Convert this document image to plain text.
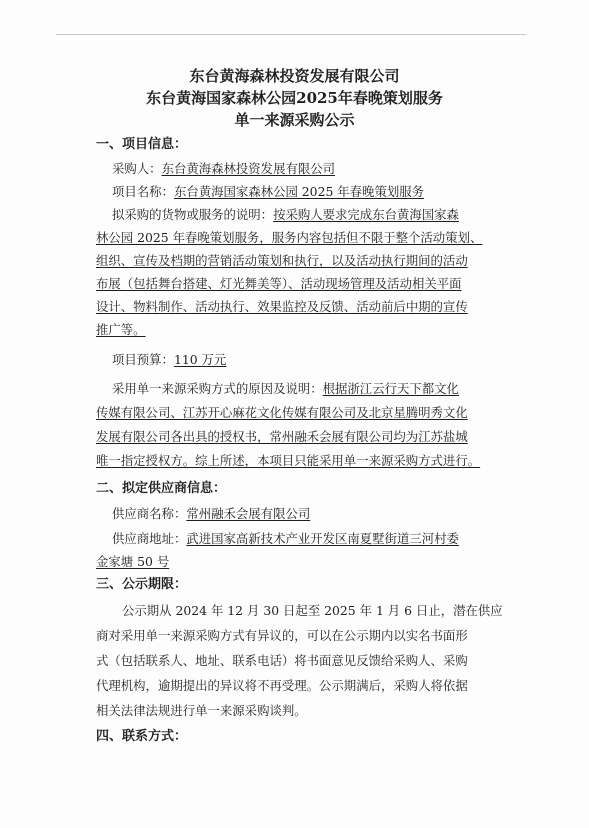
东台黄海森林投资发展有限公司
东台黄海国家森林公园2025年春晚策划服务
单一来源采购公示
一、项目信息：
采购人：东台黄海森林投资发展有限公司
项目名称：东台黄海国家森林公园 2025 年春晚策划服务
拟采购的货物或服务的说明：按采购人要求完成东台黄海国家森
林公园 2025 年春晚策划服务，服务内容包括但不限于整个活动策划、
组织、宣传及档期的营销活动策划和执行，以及活动执行期间的活动
布展（包括舞台搭建、灯光舞美等）、活动现场管理及活动相关平面
设计、物料制作、活动执行、效果监控及反馈、活动前后中期的宣传
推广等。
项目预算：110 万元
采用单一来源采购方式的原因及说明：根据浙江云行天下都文化
传媒有限公司、江苏开心麻花文化传媒有限公司及北京星腾明秀文化
发展有限公司各出具的授权书，常州融禾会展有限公司均为江苏盐城
唯一指定授权方。综上所述，本项目只能采用单一来源采购方式进行。
二、拟定供应商信息：
供应商名称：常州融禾会展有限公司
供应商地址：武进国家高新技术产业开发区南夏墅街道三河村委
金家塘 50 号
三、公示期限：
公示期从 2024 年 12 月 30 日起至 2025 年 1 月 6 日止，潜在供应
商对采用单一来源采购方式有异议的，可以在公示期内以实名书面形
式（包括联系人、地址、联系电话）将书面意见反馈给采购人、采购
代理机构，逾期提出的异议将不再受理。公示期满后，采购人将依据
相关法律法规进行单一来源采购谈判。
四、联系方式：
